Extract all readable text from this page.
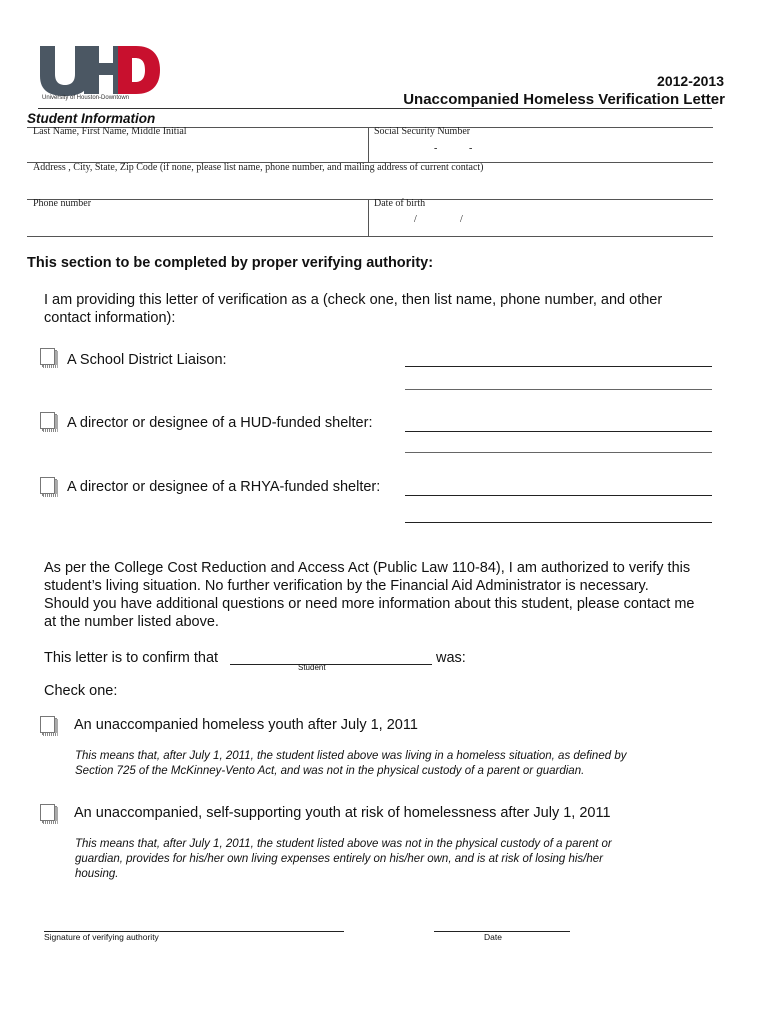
University of Houston-Downtown
2012-2013
Unaccompanied Homeless Verification Letter
Student Information
Last Name, First Name, Middle Initial	Social Security Number
-	-
Address , City, State, Zip Code (if none, please list name, phone number, and mailing address of current contact)
Phone number	Date of birth
/	/
This section to be completed by proper verifying authority:
I am providing this letter of verification as a (check one, then list name, phone number, and other
contact information):
A School District Liaison:
A director or designee of a HUD-funded shelter:
A director or designee of a RHYA-funded shelter:
As per the College Cost Reduction and Access Act (Public Law 110-84), I am authorized to verify this
student’s living situation. No further verification by the Financial Aid Administrator is necessary.
Should you have additional questions or need more information about this student, please contact me
at the number listed above.
This letter is to confirm that
Student
was:
Check one:
An unaccompanied homeless youth after July 1, 2011
This means that, after July 1, 2011, the student listed above was living in a homeless situation, as defined by
Section 725 of the McKinney-Vento Act, and was not in the physical custody of a parent or guardian.
An unaccompanied, self-supporting youth at risk of homelessness after July 1, 2011
This means that, after July 1, 2011, the student listed above was not in the physical custody of a parent or
guardian, provides for his/her own living expenses entirely on his/her own, and is at risk of losing his/her
housing.
Signature of verifying authority	Date
